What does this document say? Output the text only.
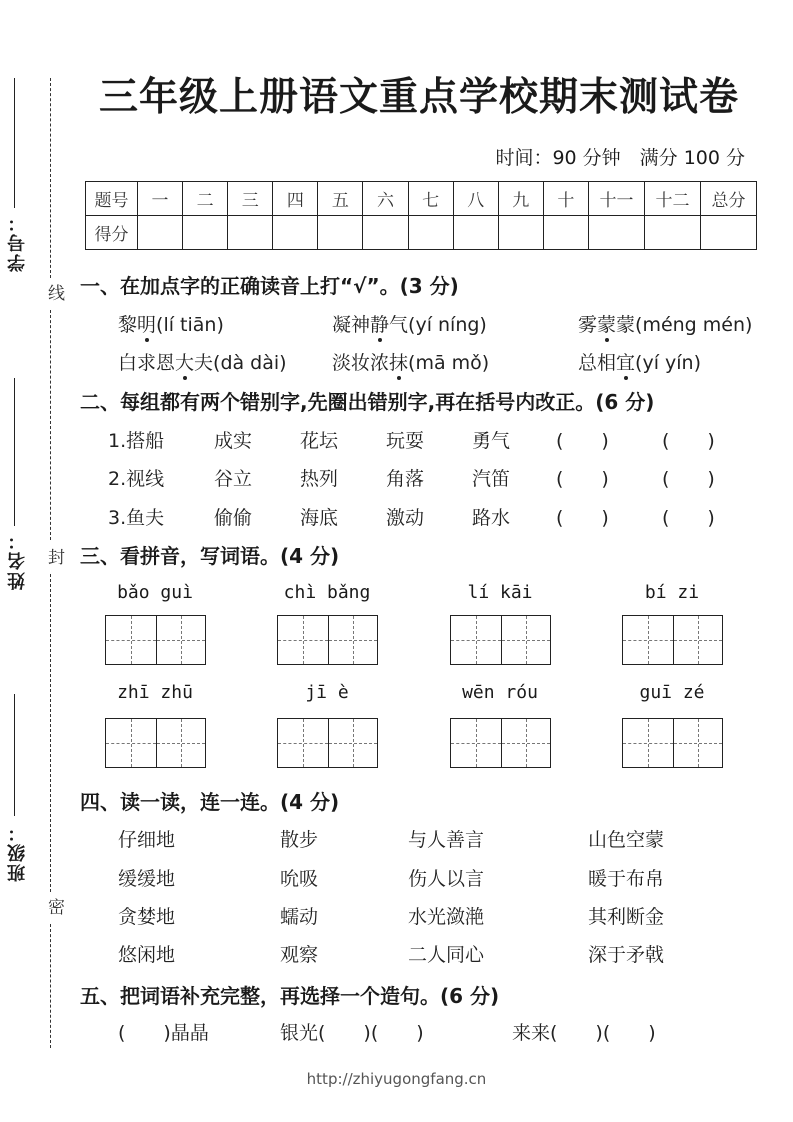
线
封
密
学号：
姓名：
班级：
三年级上册语文重点学校期末测试卷
时间：90 分钟　满分 100 分
题号	一	二	三	四	五	六	七	八	九	十	十一	十二	总分
得分													
一、在加点字的正确读音上打“√”。(3 分)
黎明(lí tiān)	凝神静气(yí níng)	雾蒙蒙(méng mén)
白求恩大夫(dà dài) 淡妆浓抹(mā mǒ)	总相宜(yí yín)
二、每组都有两个错别字,先圈出错别字,再在括号内改正。(6 分)
1.搭船	成实	花坛	玩耍	勇气 (　　)	(　　)
2.视线	谷立	热列	角落	汽笛 (　　)	(　　)
3.鱼夫	偷偷	海底	激动	路水 (　　)	(　　)
三、看拼音，写词语。(4 分)
bǎo guì	chì bǎng	lí kāi	bí zi
zhī zhū	jī è	wēn róu	guī zé
四、读一读，连一连。(4 分)
仔细地	散步	与人善言	山色空蒙
缓缓地	吮吸	伤人以言	暖于布帛
贪婪地	蠕动	水光潋滟	其利断金
悠闲地	观察	二人同心	深于矛戟
五、把词语补充完整，再选择一个造句。(6 分)
(　　)晶晶	银光(　　)(　　)	来来(　　)(　　)
http://zhiyugongfang.cn
